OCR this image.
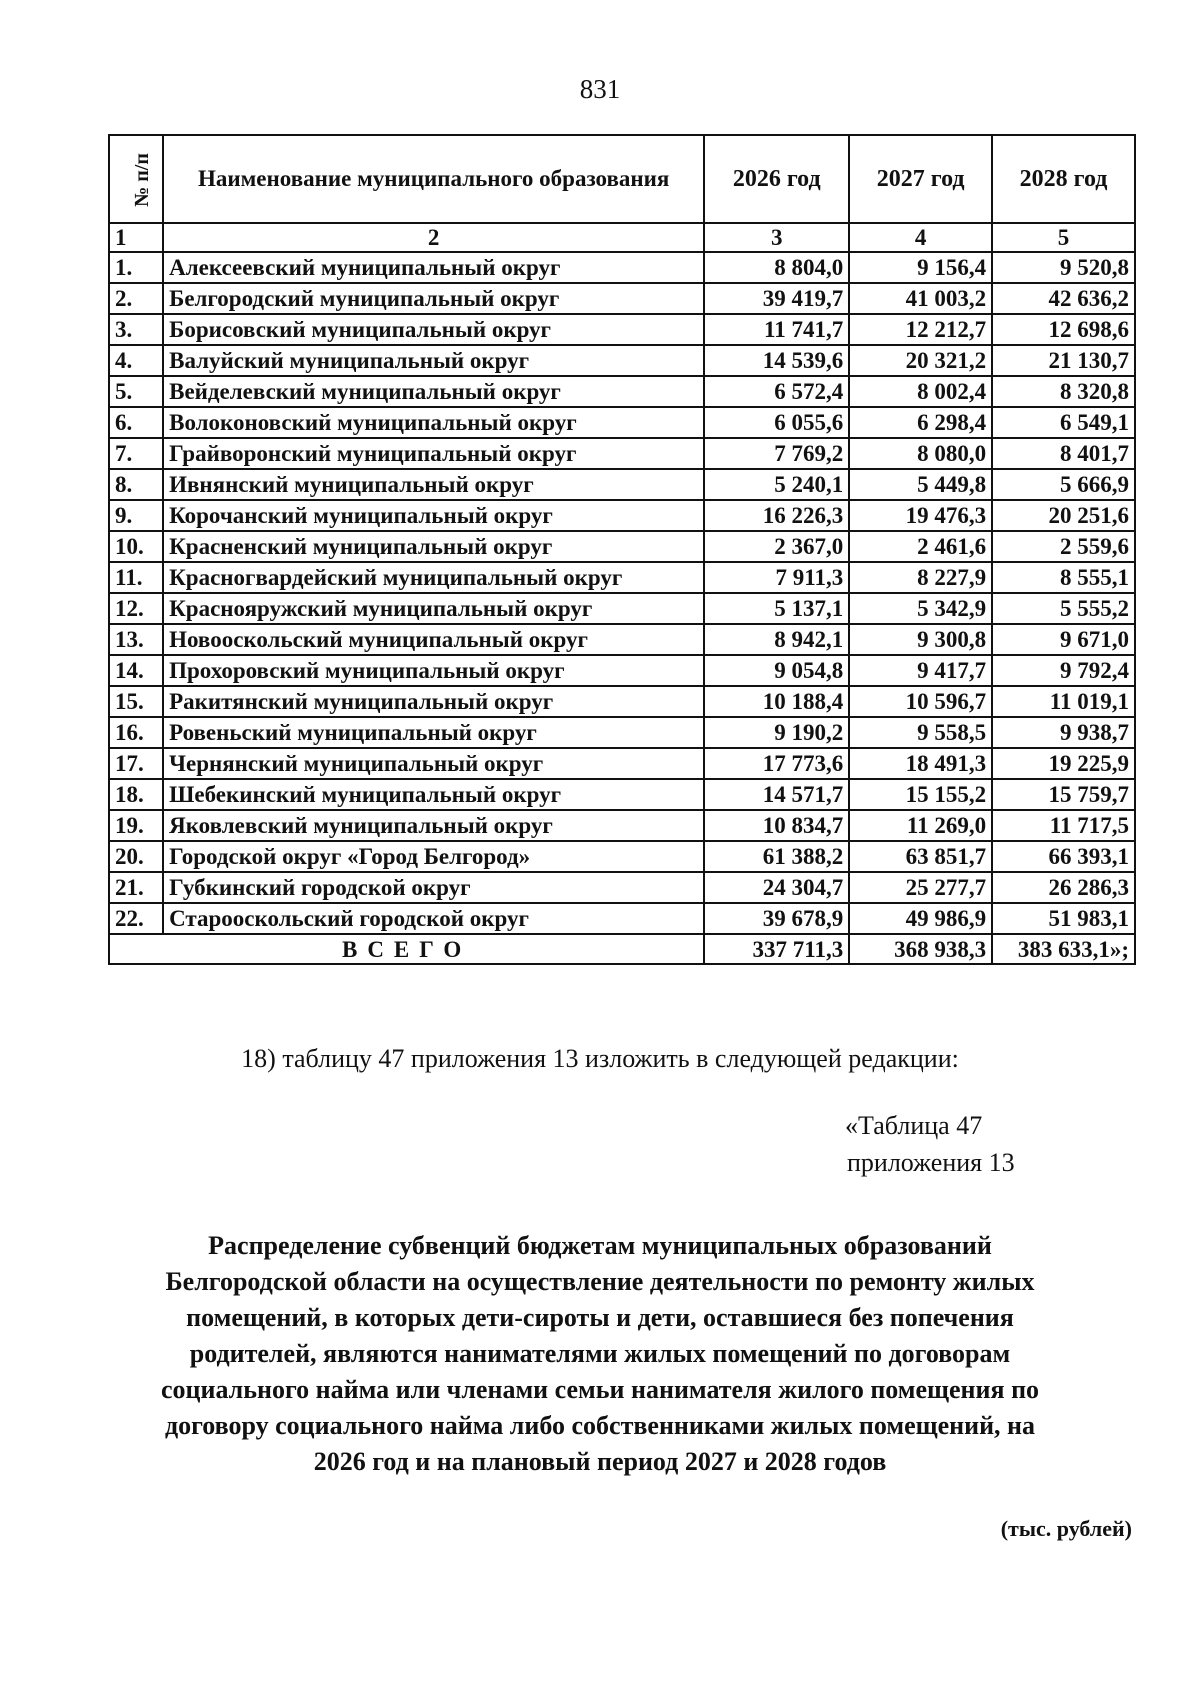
831
№ п/п	Наименование муниципального образования	2026 год	2027 год	2028 год
1	2	3	4	5
1.	Алексеевский муниципальный округ	8 804,0	9 156,4	9 520,8
2.	Белгородский муниципальный округ	39 419,7	41 003,2	42 636,2
3.	Борисовский муниципальный округ	11 741,7	12 212,7	12 698,6
4.	Валуйский муниципальный округ	14 539,6	20 321,2	21 130,7
5.	Вейделевский муниципальный округ	6 572,4	8 002,4	8 320,8
6.	Волоконовский муниципальный округ	6 055,6	6 298,4	6 549,1
7.	Грайворонский муниципальный округ	7 769,2	8 080,0	8 401,7
8.	Ивнянский муниципальный округ	5 240,1	5 449,8	5 666,9
9.	Корочанский муниципальный округ	16 226,3	19 476,3	20 251,6
10.	Красненский муниципальный округ	2 367,0	2 461,6	2 559,6
11.	Красногвардейский муниципальный округ	7 911,3	8 227,9	8 555,1
12.	Краснояружский муниципальный округ	5 137,1	5 342,9	5 555,2
13.	Новооскольский муниципальный округ	8 942,1	9 300,8	9 671,0
14.	Прохоровский муниципальный округ	9 054,8	9 417,7	9 792,4
15.	Ракитянский муниципальный округ	10 188,4	10 596,7	11 019,1
16.	Ровеньский муниципальный округ	9 190,2	9 558,5	9 938,7
17.	Чернянский муниципальный округ	17 773,6	18 491,3	19 225,9
18.	Шебекинский муниципальный округ	14 571,7	15 155,2	15 759,7
19.	Яковлевский муниципальный округ	10 834,7	11 269,0	11 717,5
20.	Городской округ «Город Белгород»	61 388,2	63 851,7	66 393,1
21.	Губкинский городской округ	24 304,7	25 277,7	26 286,3
22.	Старооскольский городской округ	39 678,9	49 986,9	51 983,1
ВСЕГО		337 711,3	368 938,3	383 633,1»;
18) таблицу 47 приложения 13 изложить в следующей редакции:
«Таблица 47
приложения 13
Распределение субвенций бюджетам муниципальных образований Белгородской области на осуществление деятельности по ремонту жилых помещений, в которых дети-сироты и дети, оставшиеся без попечения родителей, являются нанимателями жилых помещений по договорам социального найма или членами семьи нанимателя жилого помещения по договору социального найма либо собственниками жилых помещений, на 2026 год и на плановый период 2027 и 2028 годов
(тыс. рублей)
